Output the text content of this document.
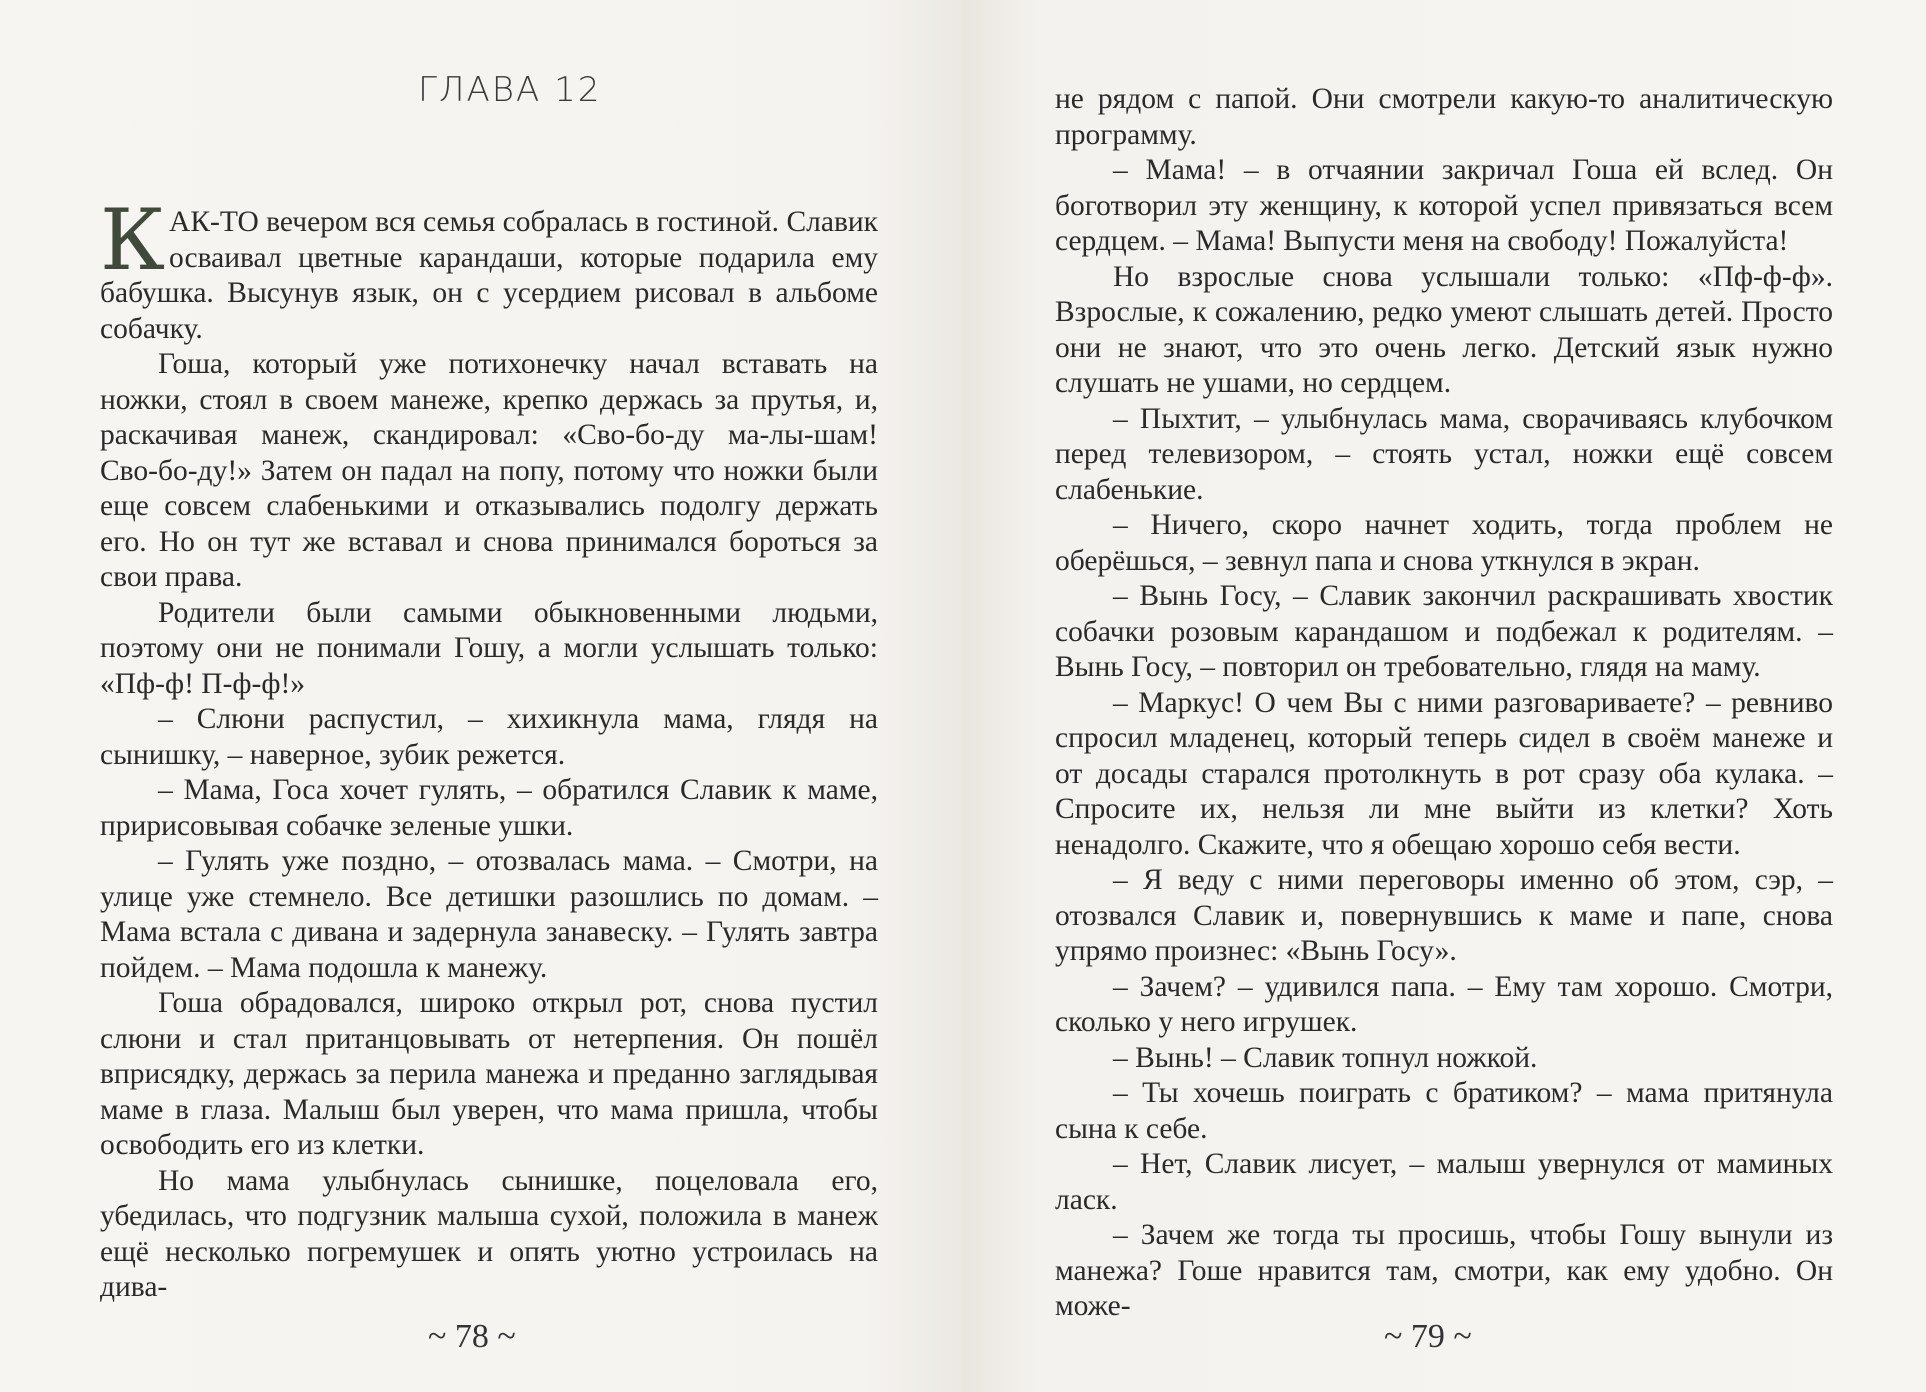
ГЛАВА 12

КАК-ТО вечером вся семья собралась в гостиной. Славик осваивал цветные карандаши, которые подарила ему бабушка. Высунув язык, он с усердием рисовал в альбоме собачку.

Гоша, который уже потихонечку начал вставать на ножки, стоял в своем манеже, крепко держась за прутья, и, раскачивая манеж, скандировал: «Сво-бо-ду ма-лы-шам! Сво-бо-ду!» Затем он падал на попу, потому что ножки были еще совсем слабенькими и отказывались подолгу держать его. Но он тут же вставал и снова принимался бороться за свои права.

Родители были самыми обыкновенными людьми, поэтому они не понимали Гошу, а могли услышать только: «Пф-ф! П-ф-ф!»

– Слюни распустил, – хихикнула мама, глядя на сынишку, – наверное, зубик режется.

– Мама, Госа хочет гулять, – обратился Славик к маме, пририсовывая собачке зеленые ушки.

– Гулять уже поздно, – отозвалась мама. – Смотри, на улице уже стемнело. Все детишки разошлись по домам. – Мама встала с дивана и задернула занавеску. – Гулять завтра пойдем. – Мама подошла к манежу.

Гоша обрадовался, широко открыл рот, снова пустил слюни и стал пританцовывать от нетерпения. Он пошёл вприсядку, держась за перила манежа и преданно заглядывая маме в глаза. Малыш был уверен, что мама пришла, чтобы освободить его из клетки.

Но мама улыбнулась сынишке, поцеловала его, убедилась, что подгузник малыша сухой, положила в манеж ещё несколько погремушек и опять уютно устроилась на дива-

~ 78 ~

не рядом с папой. Они смотрели какую-то аналитическую программу.

– Мама! – в отчаянии закричал Гоша ей вслед. Он боготворил эту женщину, к которой успел привязаться всем сердцем. – Мама! Выпусти меня на свободу! Пожалуйста!

Но взрослые снова услышали только: «Пф-ф-ф». Взрослые, к сожалению, редко умеют слышать детей. Просто они не знают, что это очень легко. Детский язык нужно слушать не ушами, но сердцем.

– Пыхтит, – улыбнулась мама, сворачиваясь клубочком перед телевизором, – стоять устал, ножки ещё совсем слабенькие.

– Ничего, скоро начнет ходить, тогда проблем не оберёшься, – зевнул папа и снова уткнулся в экран.

– Вынь Госу, – Славик закончил раскрашивать хвостик собачки розовым карандашом и подбежал к родителям. – Вынь Госу, – повторил он требовательно, глядя на маму.

– Маркус! О чем Вы с ними разговариваете? – ревниво спросил младенец, который теперь сидел в своём манеже и от досады старался протолкнуть в рот сразу оба кулака. – Спросите их, нельзя ли мне выйти из клетки? Хоть ненадолго. Скажите, что я обещаю хорошо себя вести.

– Я веду с ними переговоры именно об этом, сэр, – отозвался Славик и, повернувшись к маме и папе, снова упрямо произнес: «Вынь Госу».

– Зачем? – удивился папа. – Ему там хорошо. Смотри, сколько у него игрушек.

– Вынь! – Славик топнул ножкой.

– Ты хочешь поиграть с братиком? – мама притянула сына к себе.

– Нет, Славик лисует, – малыш увернулся от маминых ласк.

– Зачем же тогда ты просишь, чтобы Гошу вынули из манежа? Гоше нравится там, смотри, как ему удобно. Он може-

~ 79 ~
